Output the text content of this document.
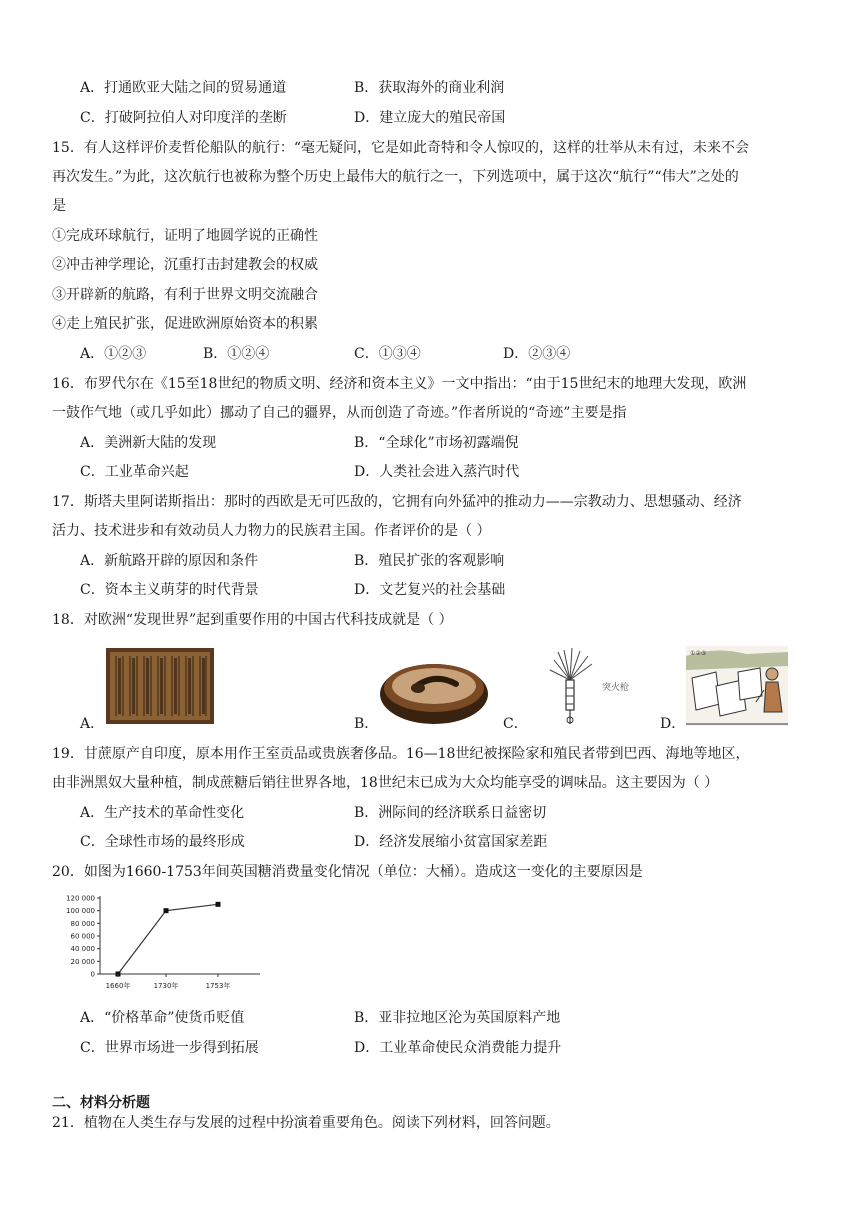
A．打通欧亚大陆之间的贸易通道	B．获取海外的商业利润
C．打破阿拉伯人对印度洋的垄断	D．建立庞大的殖民帝国
15．有人这样评价麦哲伦船队的航行：“毫无疑问，它是如此奇特和令人惊叹的，这样的壮举从未有过，未来不会
再次发生。”为此，这次航行也被称为整个历史上最伟大的航行之一，下列选项中，属于这次“航行”“伟大”之处的
是
①完成环球航行，证明了地圆学说的正确性
②冲击神学理论，沉重打击封建教会的权威
③开辟新的航路，有利于世界文明交流融合
④走上殖民扩张，促进欧洲原始资本的积累
A．①②③	B．①②④	C．①③④	D．②③④
16．布罗代尔在《15至18世纪的物质文明、经济和资本主义》一文中指出：“由于15世纪末的地理大发现，欧洲
一鼓作气地（或几乎如此）挪动了自己的疆界，从而创造了奇迹。”作者所说的“奇迹”主要是指
A．美洲新大陆的发现	B．“全球化”市场初露端倪
C．工业革命兴起	D．人类社会进入蒸汽时代
17．斯塔夫里阿诺斯指出：那时的西欧是无可匹敌的，它拥有向外猛冲的推动力——宗教动力、思想骚动、经济
活力、技术进步和有效动员人力物力的民族君主国。作者评价的是（ ）
A．新航路开辟的原因和条件	B．殖民扩张的客观影响
C．资本主义萌芽的时代背景	D．文艺复兴的社会基础
18．对欧洲“发现世界”起到重要作用的中国古代科技成就是（ ）
A．	B．	C．
突火枪
D．
①②③
19．甘蔗原产自印度，原本用作王室贡品或贵族奢侈品。16—18世纪被探险家和殖民者带到巴西、海地等地区，
由非洲黑奴大量种植，制成蔗糖后销往世界各地，18世纪末已成为大众均能享受的调味品。这主要因为（ ）
A．生产技术的革命性变化	B．洲际间的经济联系日益密切
C．全球性市场的最终形成	D．经济发展缩小贫富国家差距
20．如图为1660-1753年间英国糖消费量变化情况（单位：大桶）。造成这一变化的主要原因是
120 000
100 000
80 000
60 000
40 000
20 000
0
1660年	1730年	1753年
A．“价格革命”使货币贬值	B．亚非拉地区沦为英国原料产地
C．世界市场进一步得到拓展	D．工业革命使民众消费能力提升
二、材料分析题
21．植物在人类生存与发展的过程中扮演着重要角色。阅读下列材料，回答问题。
